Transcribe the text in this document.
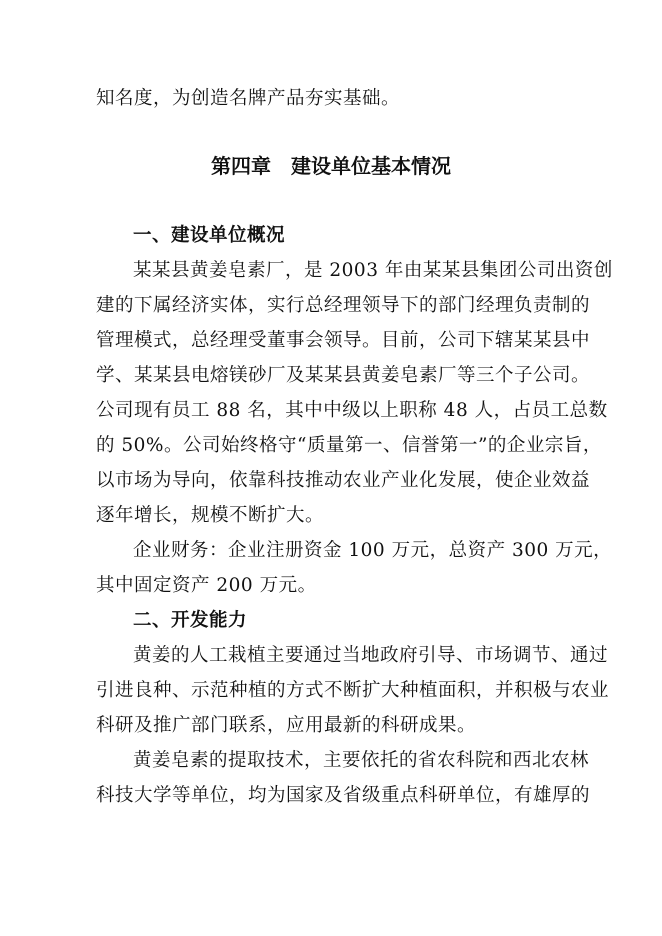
知名度，为创造名牌产品夯实基础。
第四章　建设单位基本情况
一、建设单位概况
某某县黄姜皂素厂，是 2003 年由某某县集团公司出资创
建的下属经济实体，实行总经理领导下的部门经理负责制的
管理模式，总经理受董事会领导。目前，公司下辖某某县中
学、某某县电熔镁砂厂及某某县黄姜皂素厂等三个子公司。
公司现有员工 88 名，其中中级以上职称 48 人，占员工总数
的 50%。公司始终格守“质量第一、信誉第一”的企业宗旨，
以市场为导向，依靠科技推动农业产业化发展，使企业效益
逐年增长，规模不断扩大。
企业财务：企业注册资金 100 万元，总资产 300 万元，
其中固定资产 200 万元。
二、开发能力
黄姜的人工栽植主要通过当地政府引导、市场调节、通过
引进良种、示范种植的方式不断扩大种植面积，并积极与农业
科研及推广部门联系，应用最新的科研成果。
黄姜皂素的提取技术，主要依托的省农科院和西北农林
科技大学等单位，均为国家及省级重点科研单位，有雄厚的
